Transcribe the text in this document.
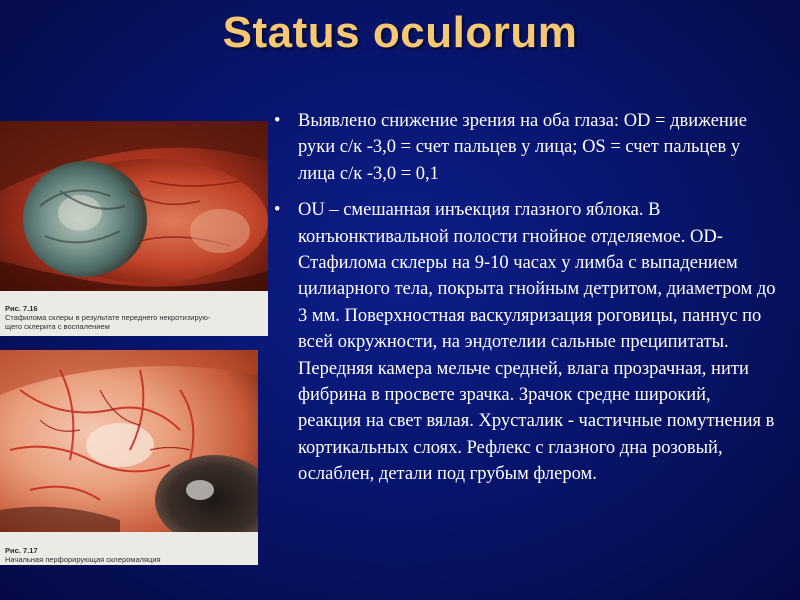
Status oculorum

Рис. 7.16
Стафилома склеры в результате переднего некротизирую-
щего склерита с воспалением

Рис. 7.17
Начальная перфорирующая склеромаляция

• Выявлено снижение зрения на оба глаза: OD = движение руки с/к -3,0 = счет пальцев у лица; OS = счет пальцев у лица с/к -3,0 = 0,1
• OU – смешанная инъекция глазного яблока. В конъюнктивальной полости гнойное отделяемое. OD- Стафилома склеры на 9-10 часах у лимба с выпадением цилиарного тела, покрыта гнойным детритом, диаметром до 3 мм. Поверхностная васкуляризация роговицы, паннус по всей окружности, на эндотелии сальные преципитаты. Передняя камера мельче средней, влага прозрачная, нити фибрина в просвете зрачка. Зрачок средне широкий, реакция на свет вялая. Хрусталик - частичные помутнения в кортикальных слоях. Рефлекс с глазного дна розовый, ослаблен, детали под грубым флером.
